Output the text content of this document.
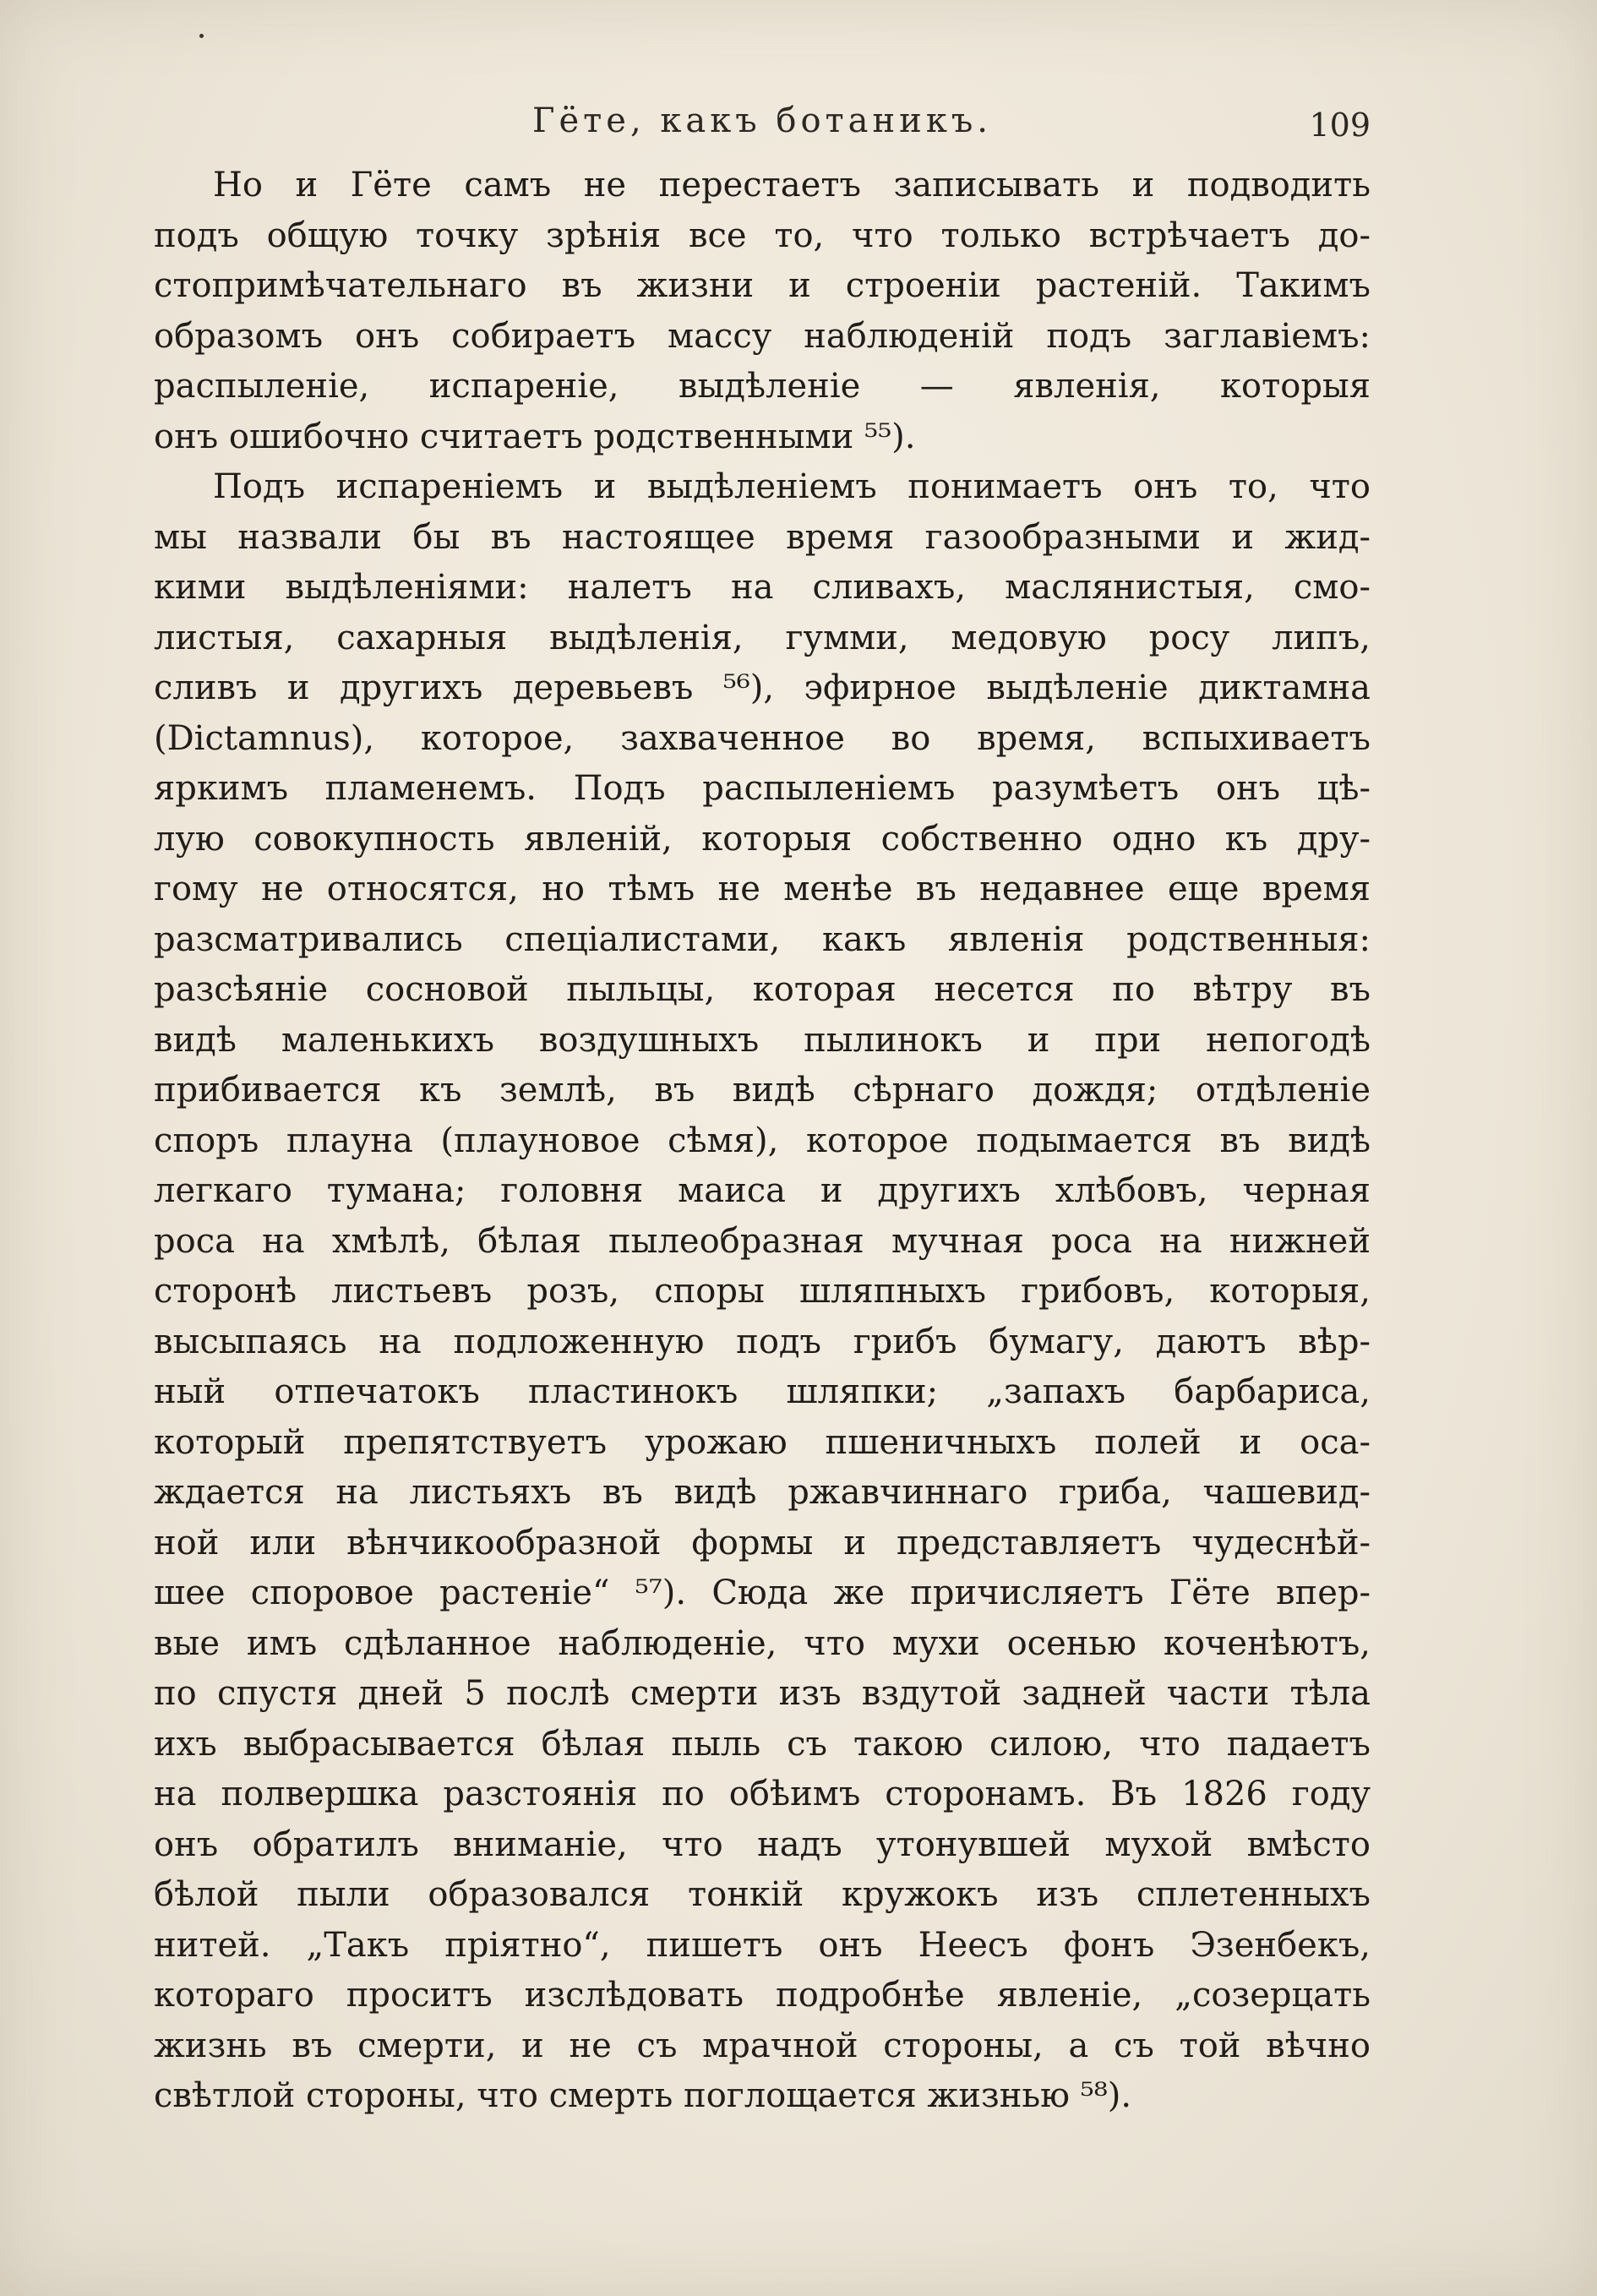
Гёте, какъ ботаникъ.	109
Но и Гёте самъ не перестаетъ записывать и подводить
подъ общую точку зрѣнія все то, что только встрѣчаетъ до-
стопримѣчательнаго въ жизни и строеніи растеній. Такимъ
образомъ онъ собираетъ массу наблюденій подъ заглавіемъ:
распыленіе, испареніе, выдѣленіе — явленія, которыя
онъ ошибочно считаетъ родственными ⁵⁵).
Подъ испареніемъ и выдѣленіемъ понимаетъ онъ то, что
мы назвали бы въ настоящее время газообразными и жид-
кими выдѣленіями: налетъ на сливахъ, маслянистыя, смо-
листыя, сахарныя выдѣленія, гумми, медовую росу липъ,
сливъ и другихъ деревьевъ ⁵⁶), эфирное выдѣленіе диктамна
(Dictamnus), которое, захваченное во время, вспыхиваетъ
яркимъ пламенемъ. Подъ распыленіемъ разумѣетъ онъ цѣ-
лую совокупность явленій, которыя собственно одно къ дру-
гому не относятся, но тѣмъ не менѣе въ недавнее еще время
разсматривались спеціалистами, какъ явленія родственныя:
разсѣяніе сосновой пыльцы, которая несется по вѣтру въ
видѣ маленькихъ воздушныхъ пылинокъ и при непогодѣ
прибивается къ землѣ, въ видѣ сѣрнаго дождя; отдѣленіе
споръ плауна (плауновое сѣмя), которое подымается въ видѣ
легкаго тумана; головня маиса и другихъ хлѣбовъ, черная
роса на хмѣлѣ, бѣлая пылеобразная мучная роса на нижней
сторонѣ листьевъ розъ, споры шляпныхъ грибовъ, которыя,
высыпаясь на подложенную подъ грибъ бумагу, даютъ вѣр-
ный отпечатокъ пластинокъ шляпки; „запахъ барбариса,
который препятствуетъ урожаю пшеничныхъ полей и оса-
ждается на листьяхъ въ видѣ ржавчиннаго гриба, чашевид-
ной или вѣнчикообразной формы и представляетъ чудеснѣй-
шее споровое растеніе“ ⁵⁷). Сюда же причисляетъ Гёте впер-
вые имъ сдѣланное наблюденіе, что мухи осенью коченѣютъ,
по спустя дней 5 послѣ смерти изъ вздутой задней части тѣла
ихъ выбрасывается бѣлая пыль съ такою силою, что падаетъ
на полвершка разстоянія по обѣимъ сторонамъ. Въ 1826 году
онъ обратилъ вниманіе, что надъ утонувшей мухой вмѣсто
бѣлой пыли образовался тонкій кружокъ изъ сплетенныхъ
нитей. „Такъ пріятно“, пишетъ онъ Неесъ фонъ Эзенбекъ,
котораго проситъ изслѣдовать подробнѣе явленіе, „созерцать
жизнь въ смерти, и не съ мрачной стороны, а съ той вѣчно
свѣтлой стороны, что смерть поглощается жизнью ⁵⁸).
